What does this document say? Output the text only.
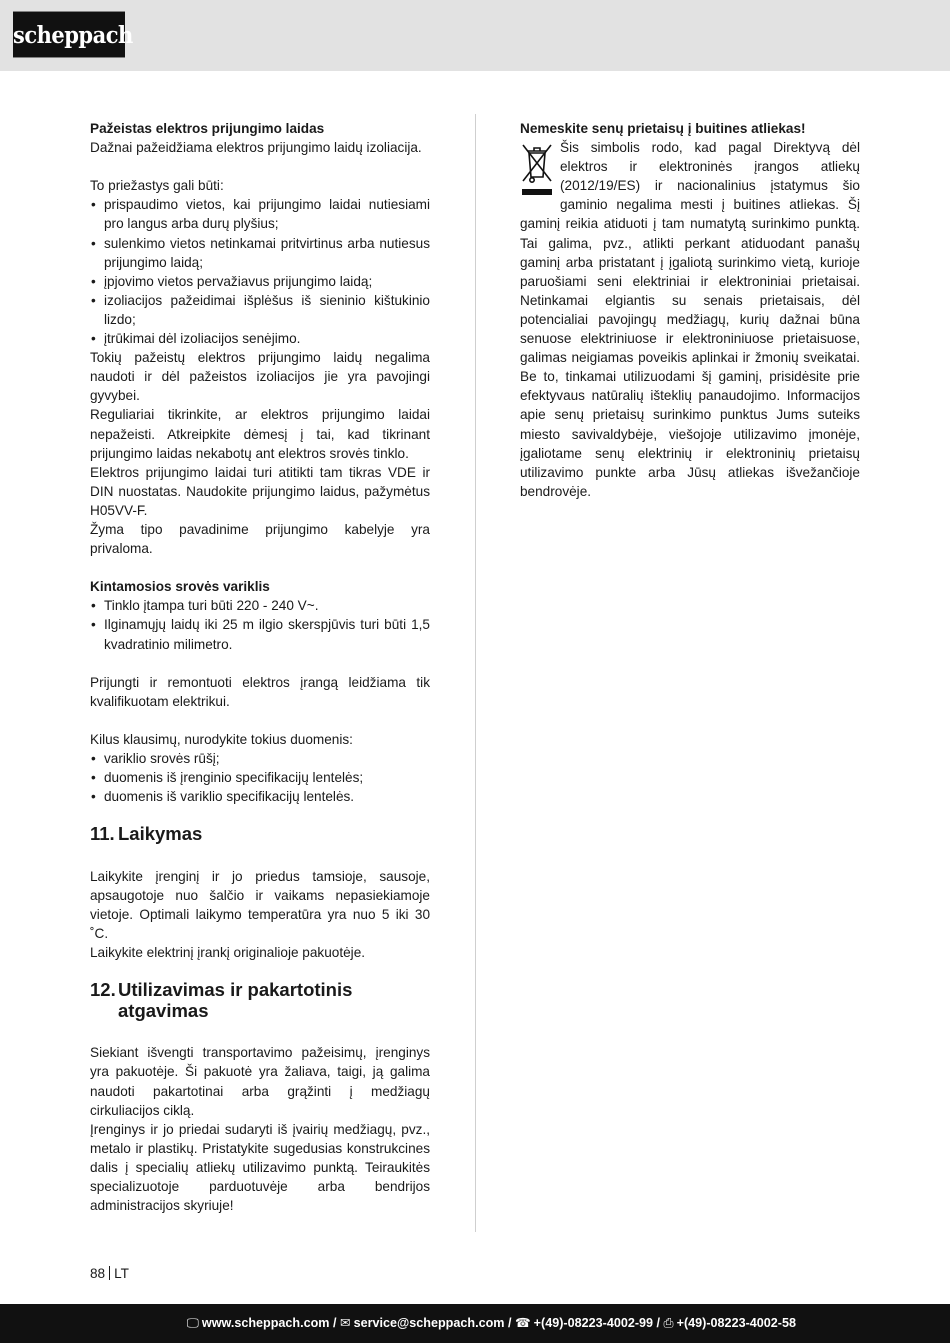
scheppach

Pažeistas elektros prijungimo laidas

Dažnai pažeidžiama elektros prijungimo laidų izoliacija.

To priežastys gali būti:

• prispaudimo vietos, kai prijungimo laidai nutiesiami pro langus arba durų plyšius;
• sulenkimo vietos netinkamai pritvirtinus arba nutiesus prijungimo laidą;
• įpjovimo vietos pervažiavus prijungimo laidą;
• izoliacijos pažeidimai išplėšus iš sieninio kištukinio lizdo;
• įtrūkimai dėl izoliacijos senėjimo.

Tokių pažeistų elektros prijungimo laidų negalima naudoti ir dėl pažeistos izoliacijos jie yra pavojingi gyvybei.

Reguliariai tikrinkite, ar elektros prijungimo laidai nepažeisti. Atkreipkite dėmesį į tai, kad tikrinant prijungimo laidas nekabotų ant elektros srovės tinklo.

Elektros prijungimo laidai turi atitikti tam tikras VDE ir DIN nuostatas. Naudokite prijungimo laidus, pažymėtus H05VV-F.

Žyma tipo pavadinime prijungimo kabelyje yra privaloma.

Kintamosios srovės variklis

• Tinklo įtampa turi būti 220 - 240 V~.
• Ilginamųjų laidų iki 25 m ilgio skerspjūvis turi būti 1,5 kvadratinio milimetro.

Prijungti ir remontuoti elektros įrangą leidžiama tik kvalifikuotam elektrikui.

Kilus klausimų, nurodykite tokius duomenis:

• variklio srovės rūšį;
• duomenis iš įrenginio specifikacijų lentelės;
• duomenis iš variklio specifikacijų lentelės.
11. Laikymas

Laikykite įrenginį ir jo priedus tamsioje, sausoje, apsaugotoje nuo šalčio ir vaikams nepasiekiamoje vietoje. Optimali laikymo temperatūra yra nuo 5 iki 30 ˚C.

Laikykite elektrinį įrankį originalioje pakuotėje.

12. Utilizavimas ir pakartotinis atgavimas

Siekiant išvengti transportavimo pažeisimų, įrenginys yra pakuotėje. Ši pakuotė yra žaliava, taigi, ją galima naudoti pakartotinai arba grąžinti į medžiagų cirkuliacijos ciklą.

Įrenginys ir jo priedai sudaryti iš įvairių medžiagų, pvz., metalo ir plastikų. Pristatykite sugedusias konstrukcines dalis į specialių atliekų utilizavimo punktą. Teiraukitės specializuotoje parduotuvėje arba bendrijos administracijos skyriuje!

Nemeskite senų prietaisų į buitines atliekas!

Šis simbolis rodo, kad pagal Direktyvą dėl elektros ir elektroninės įrangos atliekų (2012/19/ES) ir nacionalinius įstatymus šio gaminio negalima mesti į buitines atliekas. Šį gaminį reikia atiduoti į tam numatytą surinkimo punktą. Tai galima, pvz., atlikti perkant atiduodant panašų gaminį arba pristatant į įgaliotą surinkimo vietą, kurioje paruošiami seni elektriniai ir elektroniniai prietaisai. Netinkamai elgiantis su senais prietaisais, dėl potencialiai pavojingų medžiagų, kurių dažnai būna senuose elektriniuose ir elektroniniuose prietaisuose, galimas neigiamas poveikis aplinkai ir žmonių sveikatai. Be to, tinkamai utilizuodami šį gaminį, prisidėsite prie efektyvaus natūralių išteklių panaudojimo. Informacijos apie senų prietaisų surinkimo punktus Jums suteiks miesto savivaldybėje, viešojoje utilizavimo įmonėje, įgaliotame senų elektrinių ir elektroninių prietaisų utilizavimo punkte arba Jūsų atliekas išvežančioje bendrovėje.

88 LT
🖵 www.scheppach.com / ✉ service@scheppach.com / ☎ +(49)-08223-4002-99 / ⎙ +(49)-08223-4002-58
